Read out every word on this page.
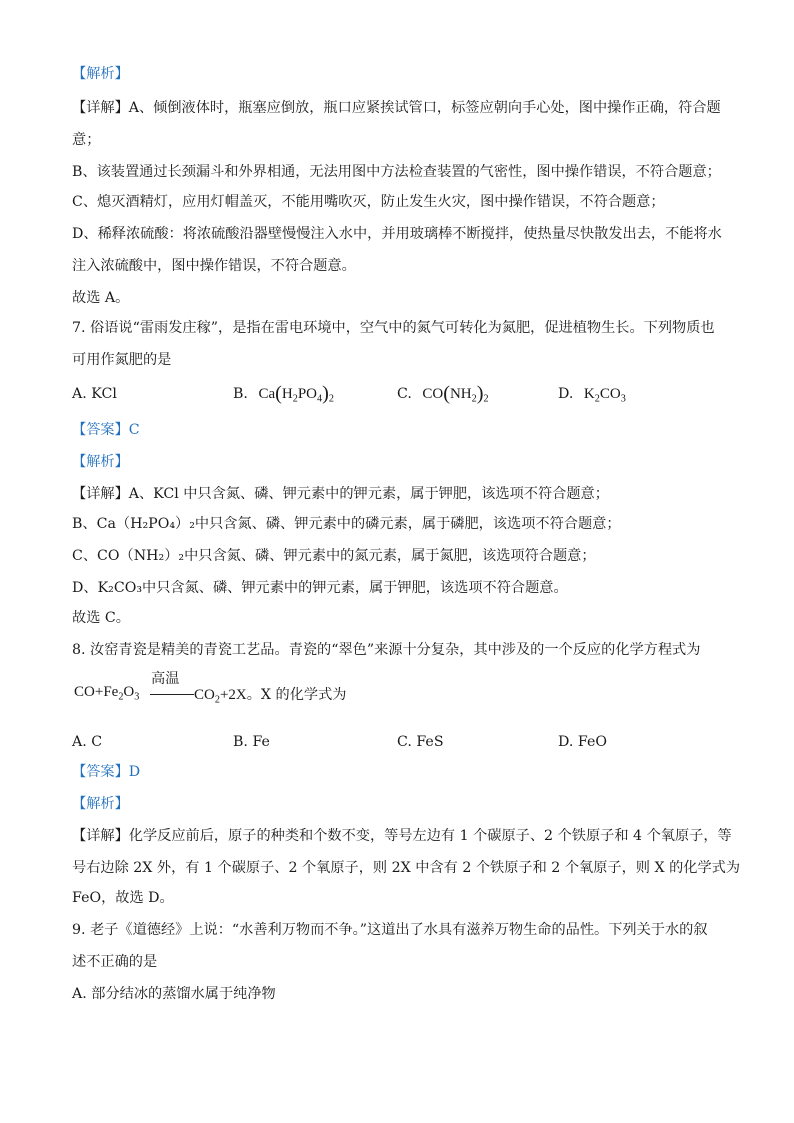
【解析】
【详解】A、倾倒液体时，瓶塞应倒放，瓶口应紧挨试管口，标签应朝向手心处，图中操作正确，符合题
意；
B、该装置通过长颈漏斗和外界相通，无法用图中方法检查装置的气密性，图中操作错误，不符合题意；
C、熄灭酒精灯，应用灯帽盖灭，不能用嘴吹灭，防止发生火灾，图中操作错误，不符合题意；
D、稀释浓硫酸：将浓硫酸沿器壁慢慢注入水中，并用玻璃棒不断搅拌，使热量尽快散发出去，不能将水
注入浓硫酸中，图中操作错误，不符合题意。
故选 A。
7. 俗语说“雷雨发庄稼”，是指在雷电环境中，空气中的氮气可转化为氮肥，促进植物生长。下列物质也
可用作氮肥的是
A. KCl	B. $Ca(H_2PO_4)_2$	C. $CO(NH_2)_2$	D. $K_2CO_3$
【答案】C
【解析】
【详解】A、KCl 中只含氮、磷、钾元素中的钾元素，属于钾肥，该选项不符合题意；
B、Ca（H₂PO₄）₂中只含氮、磷、钾元素中的磷元素，属于磷肥，该选项不符合题意；
C、CO（NH₂）₂中只含氮、磷、钾元素中的氮元素，属于氮肥，该选项符合题意；
D、K₂CO₃中只含氮、磷、钾元素中的钾元素，属于钾肥，该选项不符合题意。
故选 C。
8. 汝窑青瓷是精美的青瓷工艺品。青瓷的“翠色”来源十分复杂，其中涉及的一个反应的化学方程式为
$CO+Fe_2O_3$
高温
$CO_2+2X$。X 的化学式为
A. C	B. Fe	C. FeS	D. FeO
【答案】D
【解析】
【详解】化学反应前后，原子的种类和个数不变，等号左边有 1 个碳原子、2 个铁原子和 4 个氧原子，等
号右边除 2X 外，有 1 个碳原子、2 个氧原子，则 2X 中含有 2 个铁原子和 2 个氧原子，则 X 的化学式为
FeO，故选 D。
9. 老子《道德经》上说：“水善利万物而不争。”这道出了水具有滋养万物生命的品性。下列关于水的叙
述不正确的是
A. 部分结冰的蒸馏水属于纯净物
